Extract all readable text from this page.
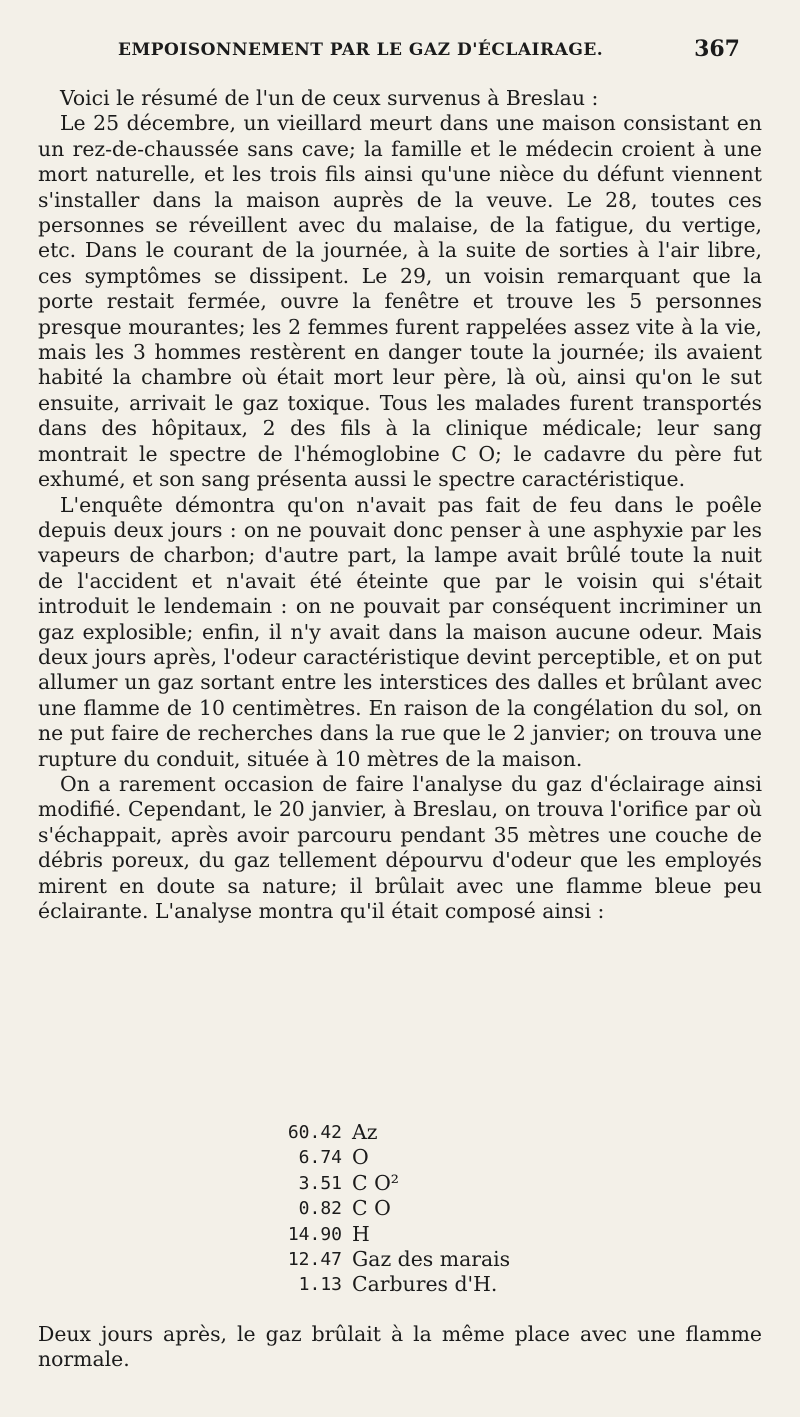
EMPOISONNEMENT PAR LE GAZ D'ÉCLAIRAGE.	367

Voici le résumé de l'un de ceux survenus à Breslau :

Le 25 décembre, un vieillard meurt dans une maison consistant en un rez-de-chaussée sans cave; la famille et le médecin croient à une mort naturelle, et les trois fils ainsi qu'une nièce du défunt viennent s'installer dans la maison auprès de la veuve. Le 28, toutes ces personnes se réveillent avec du malaise, de la fatigue, du vertige, etc. Dans le courant de la journée, à la suite de sorties à l'air libre, ces symptômes se dissipent. Le 29, un voisin remarquant que la porte restait fermée, ouvre la fenêtre et trouve les 5 personnes presque mourantes; les 2 femmes furent rappelées assez vite à la vie, mais les 3 hommes restèrent en danger toute la journée; ils avaient habité la chambre où était mort leur père, là où, ainsi qu'on le sut ensuite, arrivait le gaz toxique. Tous les malades furent transportés dans des hôpitaux, 2 des fils à la clinique médicale; leur sang montrait le spectre de l'hémoglobine C O; le cadavre du père fut exhumé, et son sang présenta aussi le spectre caractéristique.

L'enquête démontra qu'on n'avait pas fait de feu dans le poêle depuis deux jours : on ne pouvait donc penser à une asphyxie par les vapeurs de charbon; d'autre part, la lampe avait brûlé toute la nuit de l'accident et n'avait été éteinte que par le voisin qui s'était introduit le lendemain : on ne pouvait par conséquent incriminer un gaz explosible; enfin, il n'y avait dans la maison aucune odeur. Mais deux jours après, l'odeur caractéristique devint perceptible, et on put allumer un gaz sortant entre les interstices des dalles et brûlant avec une flamme de 10 centimètres. En raison de la congélation du sol, on ne put faire de recherches dans la rue que le 2 janvier; on trouva une rupture du conduit, située à 10 mètres de la maison.

On a rarement occasion de faire l'analyse du gaz d'éclairage ainsi modifié. Cependant, le 20 janvier, à Breslau, on trouva l'orifice par où s'échappait, après avoir parcouru pendant 35 mètres une couche de débris poreux, du gaz tellement dépourvu d'odeur que les employés mirent en doute sa nature; il brûlait avec une flamme bleue peu éclairante. L'analyse montra qu'il était composé ainsi :

60.42 Az
6.74 O
3.51 C O²
0.82 C O
14.90 H
12.47 Gaz des marais
1.13 Carbures d'H.
Deux jours après, le gaz brûlait à la même place avec une flamme normale.
